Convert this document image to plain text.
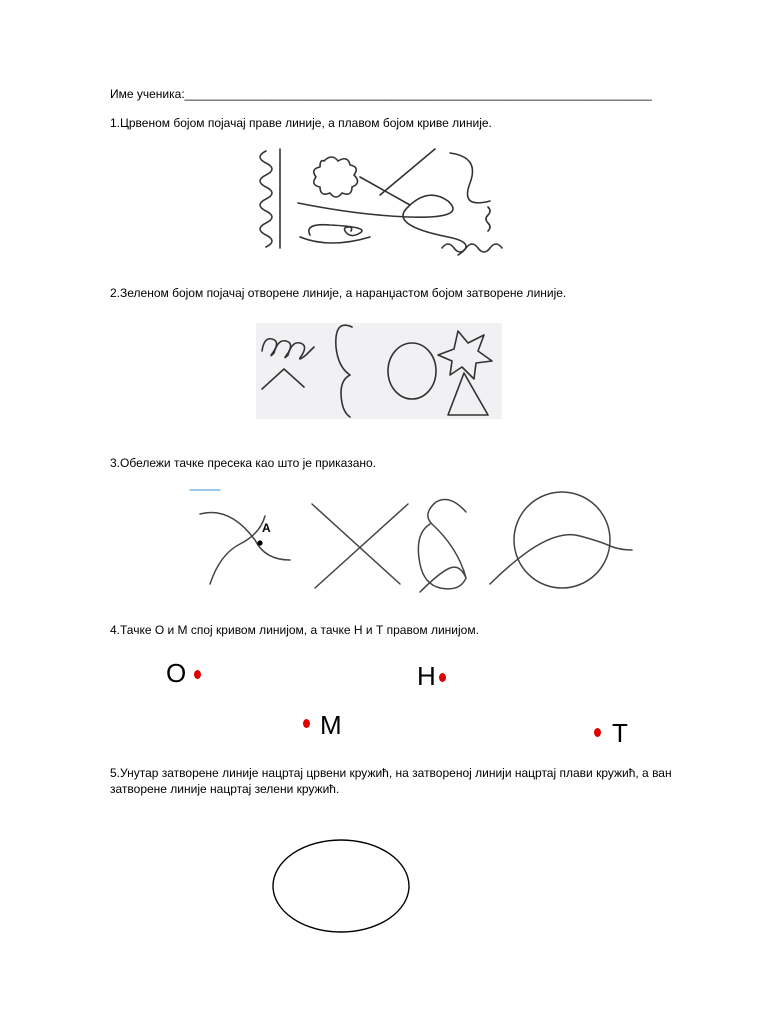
Име ученика:______________________________________________________________________
1.Црвеном бојом појачај праве линије, а плавом бојом криве линије.
2.Зеленом бојом појачај отворене линије, а наранџастом бојом затворене линије.
3.Обележи тачке пресека као што је приказано.
A
4.Тачке О и М спој кривом линијом, а тачке Н и Т правом линијом.
О	Н
М	Т
5.Унутар затворене линије нацртај црвени кружић, на затвореној линији нацртај плави кружић, а ван затворене линије нацртај зелени кружић.
